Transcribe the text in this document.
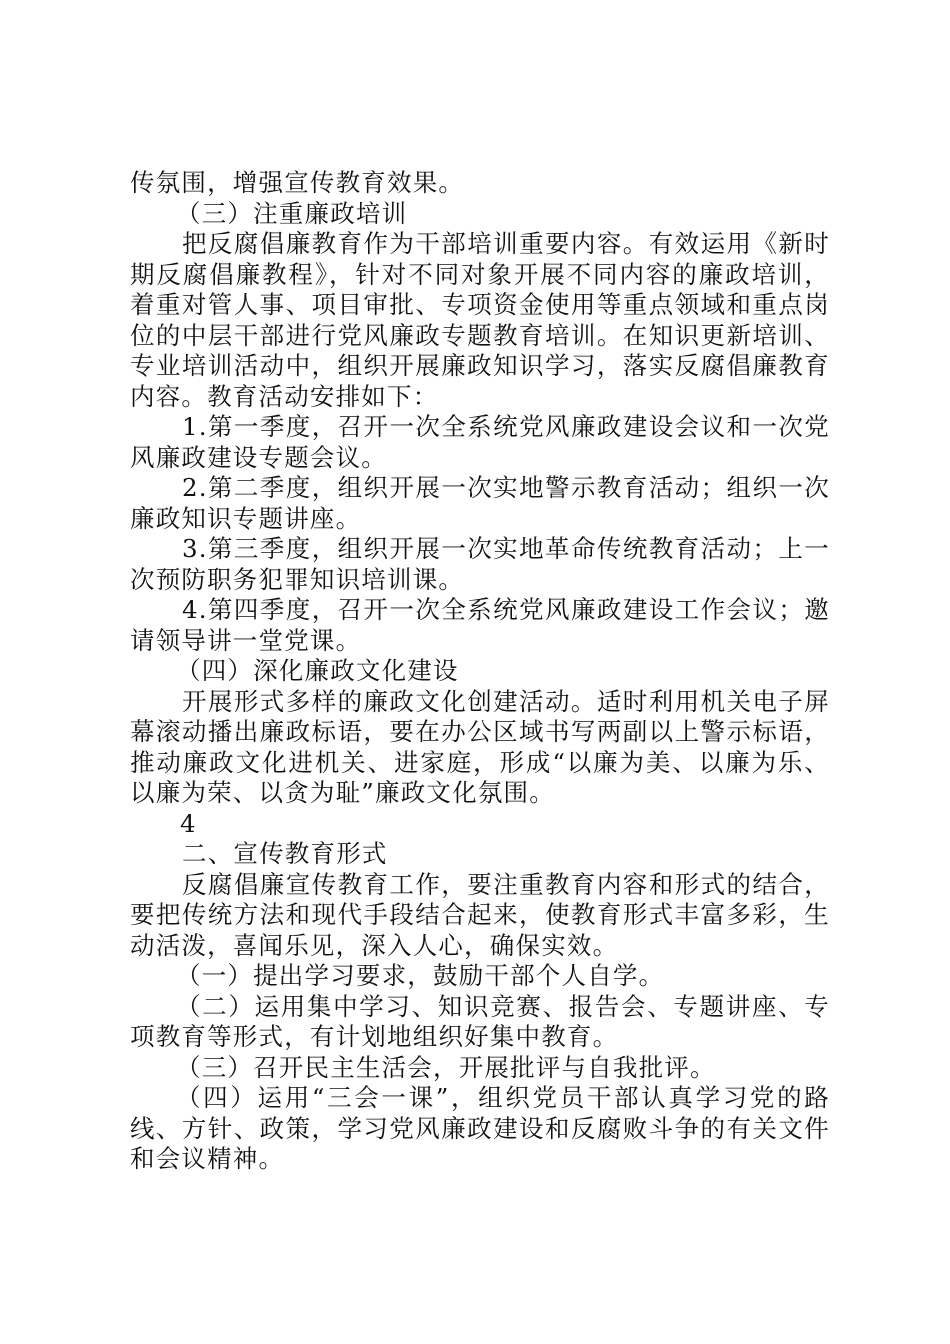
传氛围，增强宣传教育效果。
（三）注重廉政培训
把反腐倡廉教育作为干部培训重要内容。有效运用《新时
期反腐倡廉教程》，针对不同对象开展不同内容的廉政培训，
着重对管人事、项目审批、专项资金使用等重点领域和重点岗
位的中层干部进行党风廉政专题教育培训。在知识更新培训、
专业培训活动中，组织开展廉政知识学习，落实反腐倡廉教育
内容。教育活动安排如下：
1.第一季度，召开一次全系统党风廉政建设会议和一次党
风廉政建设专题会议。
2.第二季度，组织开展一次实地警示教育活动；组织一次
廉政知识专题讲座。
3.第三季度，组织开展一次实地革命传统教育活动；上一
次预防职务犯罪知识培训课。
4.第四季度，召开一次全系统党风廉政建设工作会议；邀
请领导讲一堂党课。
（四）深化廉政文化建设
开展形式多样的廉政文化创建活动。适时利用机关电子屏
幕滚动播出廉政标语，要在办公区域书写两副以上警示标语，
推动廉政文化进机关、进家庭，形成“以廉为美、以廉为乐、
以廉为荣、以贪为耻”廉政文化氛围。
4
二、宣传教育形式
反腐倡廉宣传教育工作，要注重教育内容和形式的结合，
要把传统方法和现代手段结合起来，使教育形式丰富多彩，生
动活泼，喜闻乐见，深入人心，确保实效。
（一）提出学习要求，鼓励干部个人自学。
（二）运用集中学习、知识竞赛、报告会、专题讲座、专
项教育等形式，有计划地组织好集中教育。
（三）召开民主生活会，开展批评与自我批评。
（四）运用“三会一课”，组织党员干部认真学习党的路
线、方针、政策，学习党风廉政建设和反腐败斗争的有关文件
和会议精神。
